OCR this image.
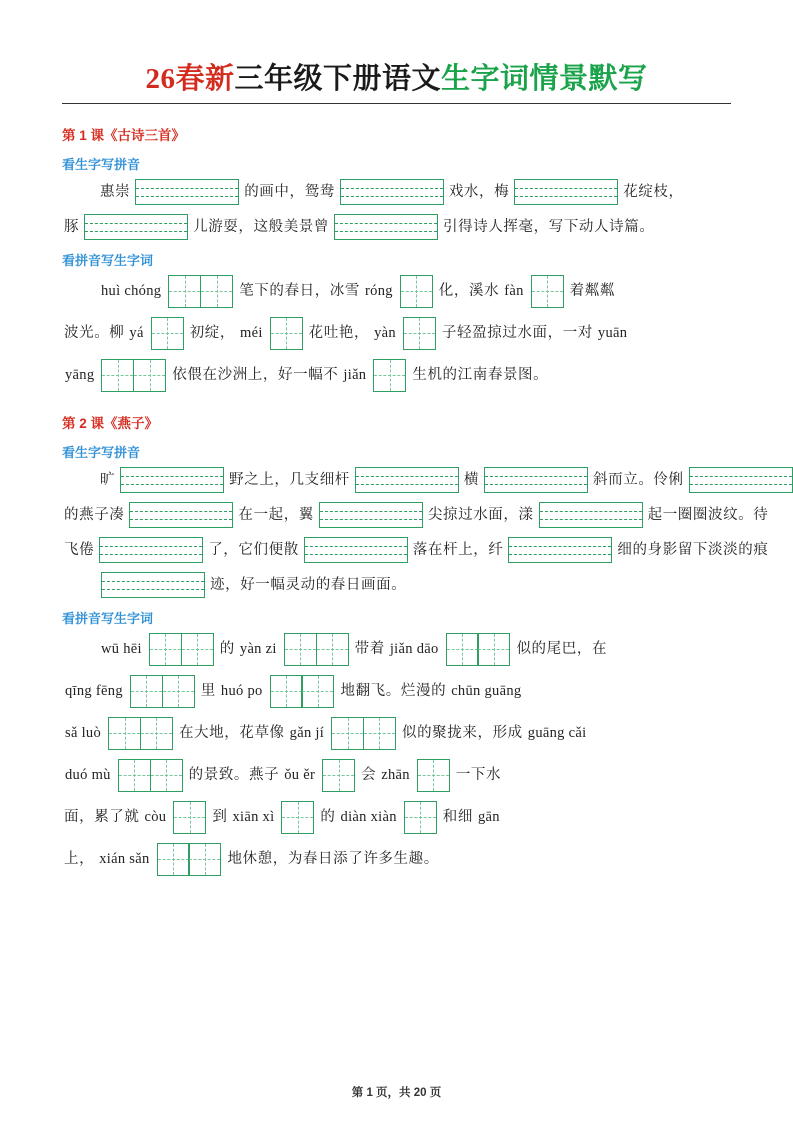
26春新三年级下册语文生字词情景默写
第 1 课《古诗三首》
看生字写拼音
惠崇	的画中，鸳鸯	戏水，梅	花绽枝，
豚	儿游耍，这般美景曾	引得诗人挥毫，写下动人诗篇。
看拼音写生字词
huì chóng	笔下的春日，冰雪 róng	化，溪水 fàn	着粼粼
波光。柳 yá	初绽， méi	花吐艳， yàn	子轻盈掠过水面，一对 yuān
yāng	依偎在沙洲上，好一幅不 jiǎn	生机的江南春景图。
第 2 课《燕子》
看生字写拼音
旷	野之上，几支细杆	横	斜而立。伶俐
的燕子凑	在一起，翼	尖掠过水面，漾	起一圈圈波纹。待
飞倦	了，它们便散	落在杆上，纤	细的身影留下淡淡的痕
迹，好一幅灵动的春日画面。
看拼音写生字词
wū hēi	的 yàn zi	带着 jiǎn dāo	似的尾巴，在
qīng fēng	里 huó po	地翻飞。烂漫的 chūn guāng
sǎ luò	在大地，花草像 gǎn jí	似的聚拢来，形成 guāng cǎi
duó mù	的景致。燕子 ǒu ěr	会 zhān	一下水
面，累了就 còu	到 xiān xì	的 diàn xiàn	和细 gān
上， xián sǎn	地休憩，为春日添了许多生趣。
第 1 页，共 20 页
